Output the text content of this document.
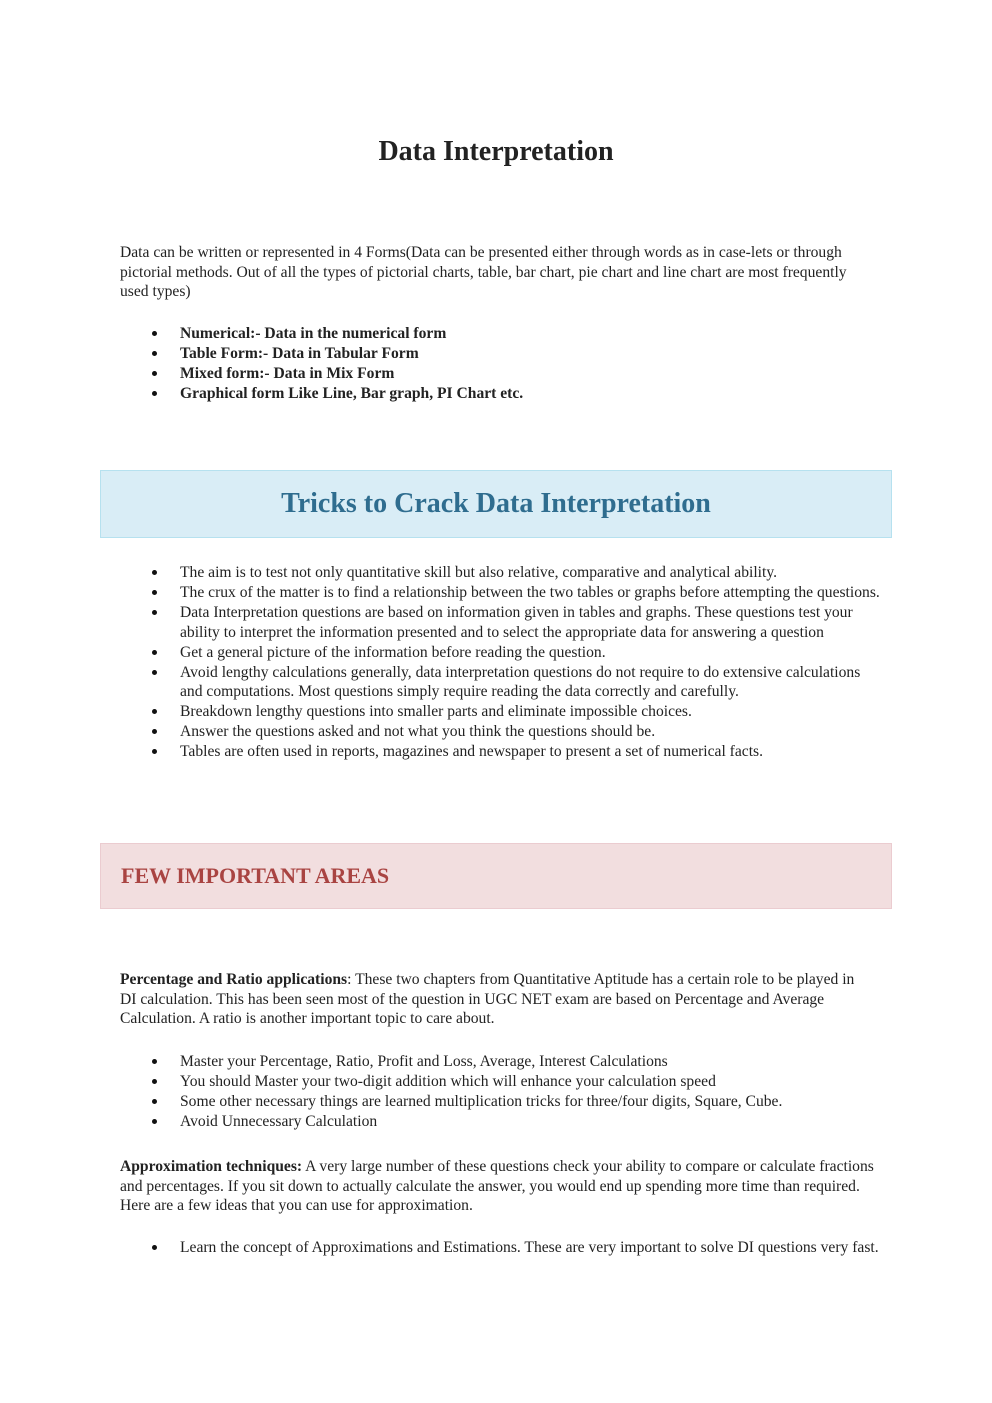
Data Interpretation

Data can be written or represented in 4 Forms(Data can be presented either through words as in case-lets or through pictorial methods. Out of all the types of pictorial charts, table, bar chart, pie chart and line chart are most frequently used types)

Numerical:- Data in the numerical form
Table Form:- Data in Tabular Form
Mixed form:- Data in Mix Form
Graphical form Like Line, Bar graph, PI Chart etc.
Tricks to Crack Data Interpretation
The aim is to test not only quantitative skill but also relative, comparative and analytical ability.
The crux of the matter is to find a relationship between the two tables or graphs before attempting the questions.
Data Interpretation questions are based on information given in tables and graphs. These questions test your ability to interpret the information presented and to select the appropriate data for answering a question
Get a general picture of the information before reading the question.
Avoid lengthy calculations generally, data interpretation questions do not require to do extensive calculations and computations. Most questions simply require reading the data correctly and carefully.
Breakdown lengthy questions into smaller parts and eliminate impossible choices.
Answer the questions asked and not what you think the questions should be.
Tables are often used in reports, magazines and newspaper to present a set of numerical facts.
FEW IMPORTANT AREAS

Percentage and Ratio applications: These two chapters from Quantitative Aptitude has a certain role to be played in DI calculation. This has been seen most of the question in UGC NET exam are based on Percentage and Average Calculation. A ratio is another important topic to care about.

Master your Percentage, Ratio, Profit and Loss, Average, Interest Calculations
You should Master your two-digit addition which will enhance your calculation speed
Some other necessary things are learned multiplication tricks for three/four digits, Square, Cube.
Avoid Unnecessary Calculation

Approximation techniques: A very large number of these questions check your ability to compare or calculate fractions and percentages. If you sit down to actually calculate the answer, you would end up spending more time than required. Here are a few ideas that you can use for approximation.

Learn the concept of Approximations and Estimations. These are very important to solve DI questions very fast.
